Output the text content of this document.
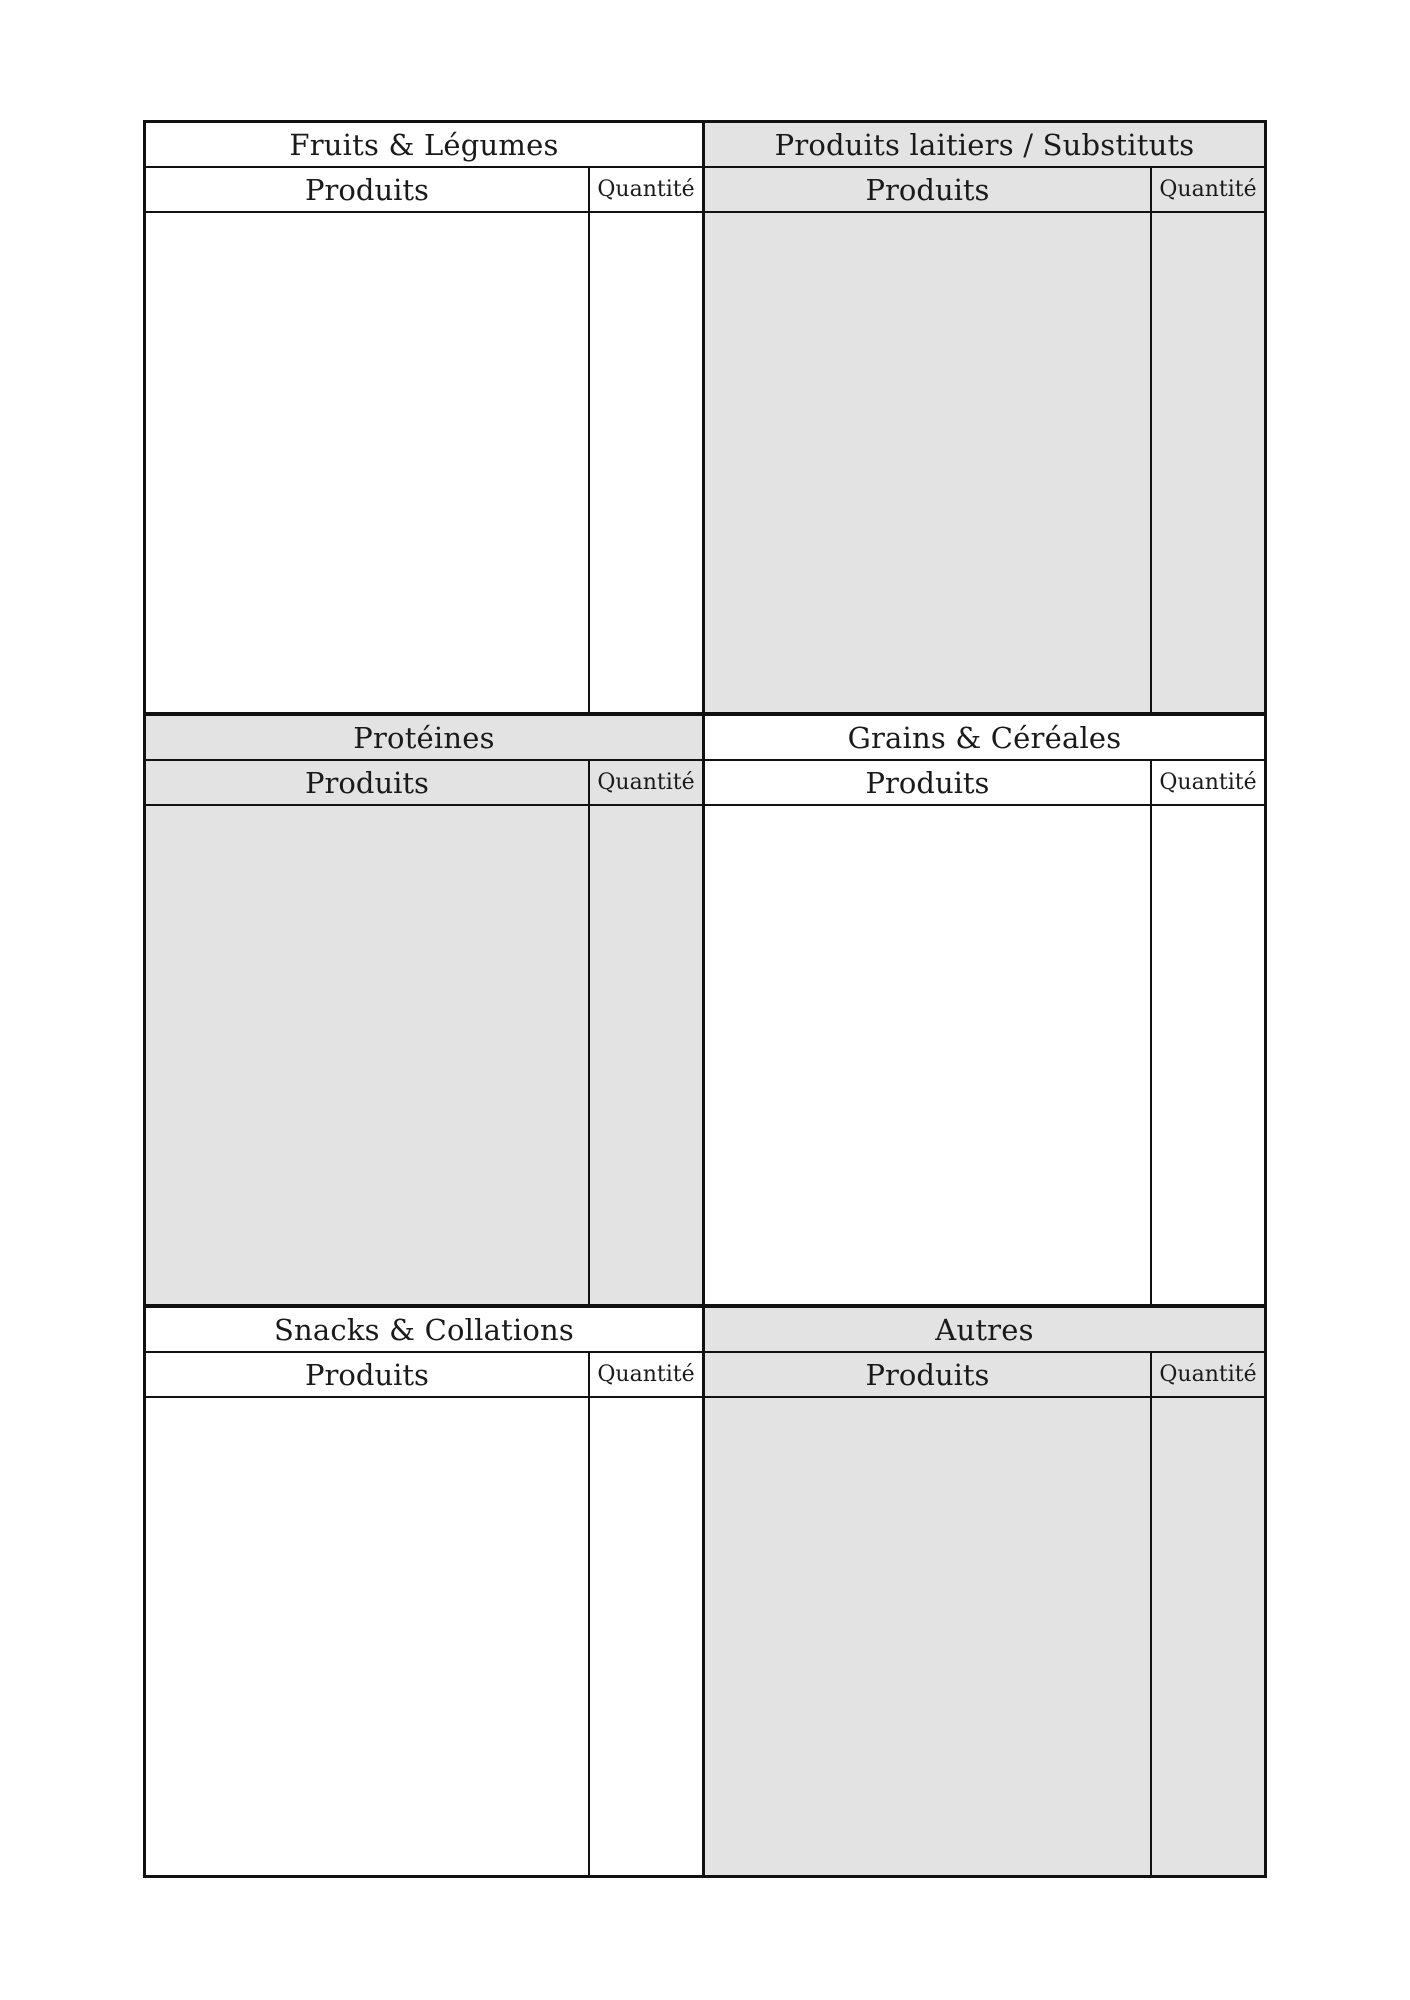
Fruits & Légumes
Produits	Quantité
Produits laitiers / Substituts
Produits	Quantité
Protéines
Produits	Quantité
Grains & Céréales
Produits	Quantité
Snacks & Collations
Produits	Quantité
Autres
Produits	Quantité
